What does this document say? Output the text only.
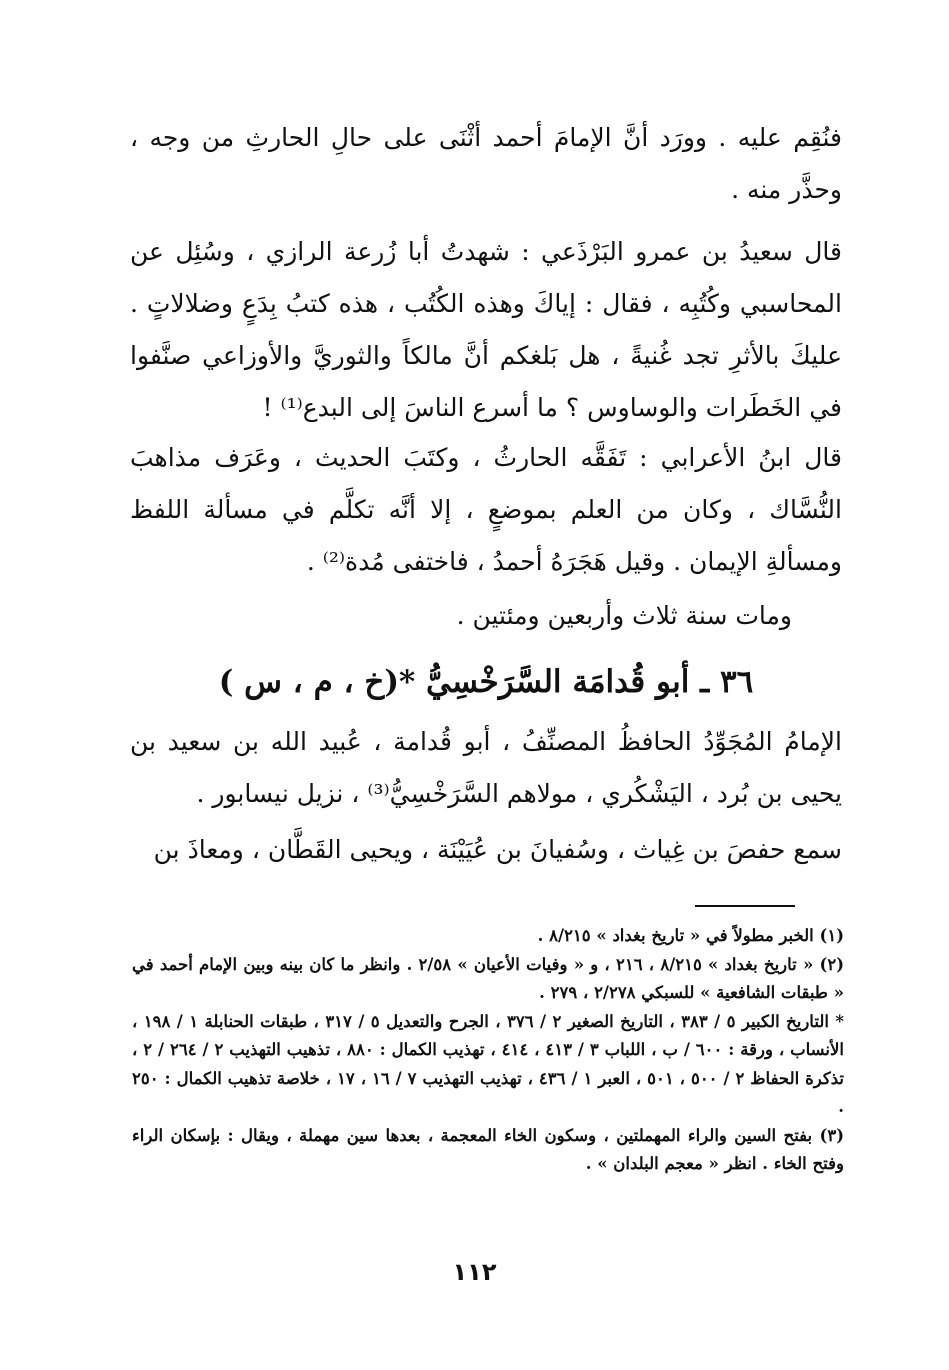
فنُقِم عليه . وورَد أنَّ الإمامَ أحمد أثْنَى على حالِ الحارثِ من وجه ، وحذَّر منه .

قال سعيدُ بن عمرو البَرْذَعي : شهدتُ أبا زُرعة الرازي ، وسُئِل عن المحاسبي وكُتُبِه ، فقال : إياكَ وهذه الكُتُب ، هذه كتبُ بِدَعٍ وضلالاتٍ . عليكَ بالأثرِ تجد غُنيةً ، هل بَلغكم أنَّ مالكاً والثوريَّ والأوزاعي صنَّفوا في الخَطَرات والوساوس ؟ ما أسرع الناسَ إلى البدع⁽¹⁾ !

قال ابنُ الأعرابي : تَفَقَّه الحارثُ ، وكتَبَ الحديث ، وعَرَف مذاهبَ النُّسَّاك ، وكان من العلم بموضعٍ ، إلا أنَّه تكلَّم في مسألة اللفظ ومسألةِ الإيمان . وقيل هَجَرَهُ أحمدُ ، فاختفى مُدة⁽²⁾ .

ومات سنة ثلاث وأربعين ومئتين .

٣٦ ـ أبو قُدامَة السَّرَخْسِيُّ *(خ ، م ، س )

الإمامُ المُجَوِّدُ الحافظُ المصنِّفُ ، أبو قُدامة ، عُبيد الله بن سعيد بن يحيى بن بُرد ، اليَشْكُري ، مولاهم السَّرَخْسِيُّ⁽³⁾ ، نزيل نيسابور .

سمع حفصَ بن غِياث ، وسُفيانَ بن عُيَيْنَة ، ويحيى القَطَّان ، ومعاذَ بن

(١) الخبر مطولاً في « تاريخ بغداد » ٨/٢١٥ .

(٢) « تاريخ بغداد » ٨/٢١٥ ، ٢١٦ ، و « وفيات الأعيان » ٢/٥٨ . وانظر ما كان بينه وبين الإمام أحمد في « طبقات الشافعية » للسبكي ٢/٢٧٨ ، ٢٧٩ .

* التاريخ الكبير ٥ / ٣٨٣ ، التاريخ الصغير ٢ / ٣٧٦ ، الجرح والتعديل ٥ / ٣١٧ ، طبقات الحنابلة ١ / ١٩٨ ، الأنساب ، ورقة : ٦٠٠ / ب ، اللباب ٣ / ٤١٣ ، ٤١٤ ، تهذيب الكمال : ٨٨٠ ، تذهيب التهذيب ٢ / ٢٦٤ / ٢ ، تذكرة الحفاظ ٢ / ٥٠٠ ، ٥٠١ ، العبر ١ / ٤٣٦ ، تهذيب التهذيب ٧ / ١٦ ، ١٧ ، خلاصة تذهيب الكمال : ٢٥٠ .

(٣) بفتح السين والراء المهملتين ، وسكون الخاء المعجمة ، بعدها سين مهملة ، ويقال : بإسكان الراء وفتح الخاء . انظر « معجم البلدان » .

١١٢
